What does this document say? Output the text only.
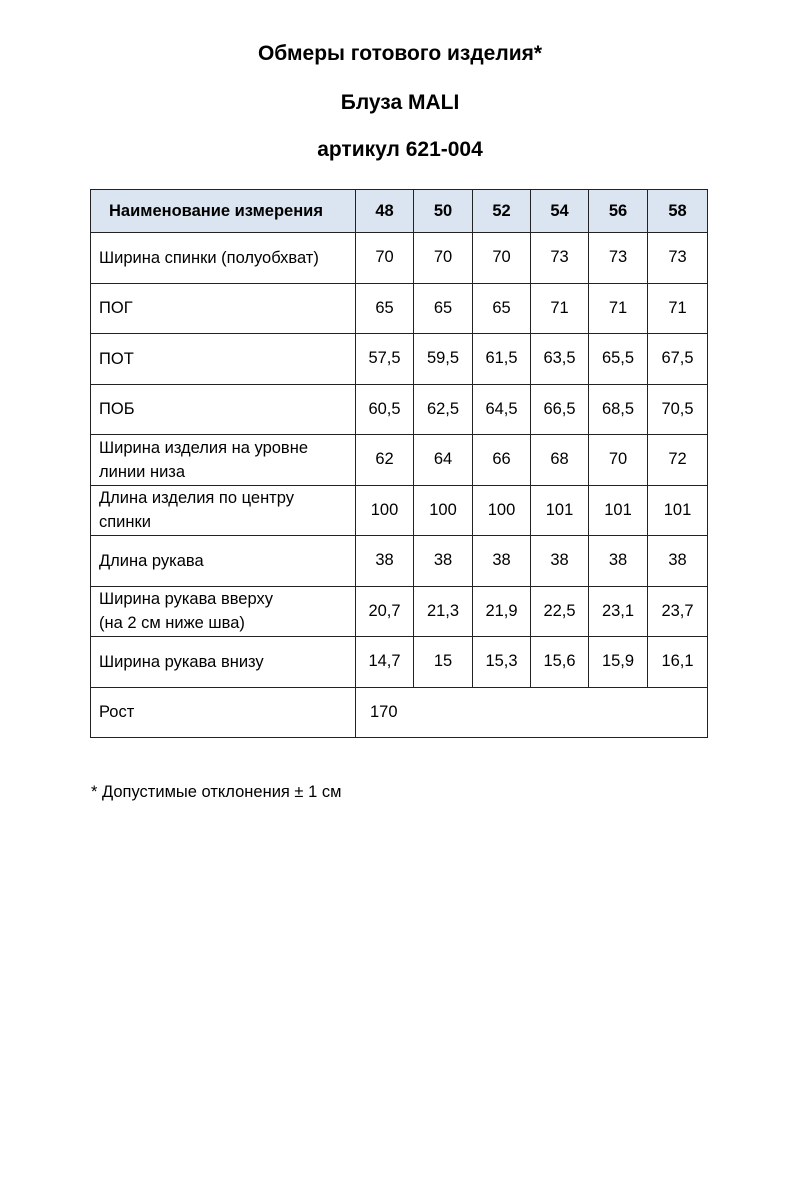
Обмеры готового изделия*
Блуза MALI
артикул 621-004
Наименование измерения	48	50	52	54	56	58
Ширина спинки (полуобхват)	70	70	70	73	73	73
ПОГ	65	65	65	71	71	71
ПОТ	57,5	59,5	61,5	63,5	65,5	67,5
ПОБ	60,5	62,5	64,5	66,5	68,5	70,5
Ширина изделия на уровне
линии низа	62	64	66	68	70	72
Длина изделия по центру
спинки	100	100	100	101	101	101
Длина рукава	38	38	38	38	38	38
Ширина рукава вверху
(на 2 см ниже шва)	20,7	21,3	21,9	22,5	23,1	23,7
Ширина рукава внизу	14,7	15	15,3	15,6	15,9	16,1
Рост	170					
* Допустимые отклонения ± 1 см
